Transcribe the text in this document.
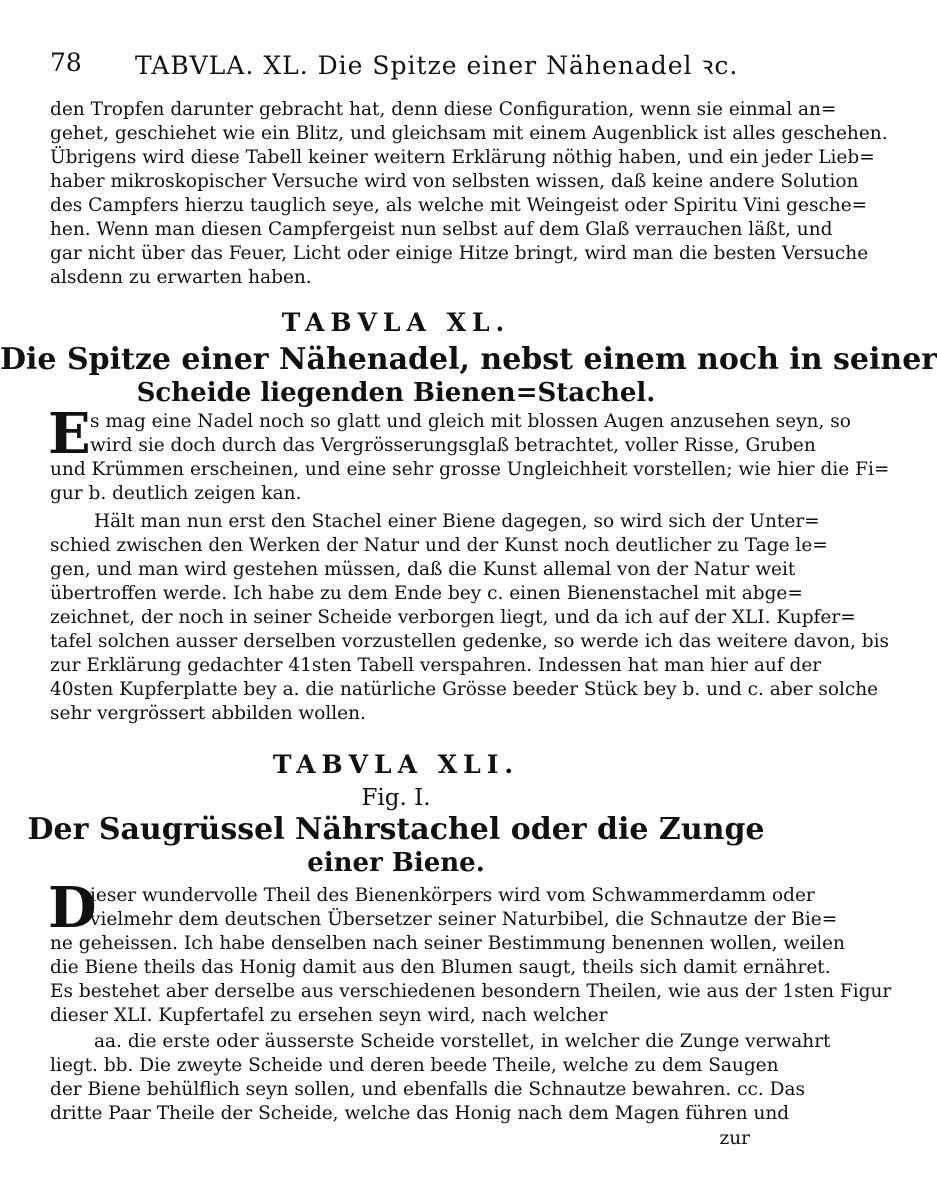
78 TABVLA. XL. Die Spitze einer Nähenadel ꝛc.
den Tropfen darunter gebracht hat, denn diese Configuration, wenn sie einmal an=
gehet, geschiehet wie ein Blitz, und gleichsam mit einem Augenblick ist alles geschehen.
Übrigens wird diese Tabell keiner weitern Erklärung nöthig haben, und ein jeder Lieb=
haber mikroskopischer Versuche wird von selbsten wissen, daß keine andere Solution
des Campfers hierzu tauglich seye, als welche mit Weingeist oder Spiritu Vini gesche=
hen. Wenn man diesen Campfergeist nun selbst auf dem Glaß verrauchen läßt, und
gar nicht über das Feuer, Licht oder einige Hitze bringt, wird man die besten Versuche
alsdenn zu erwarten haben.
TABVLA XL.
Die Spitze einer Nähenadel, nebst einem noch in seiner
Scheide liegenden Bienen=Stachel.
E s mag eine Nadel noch so glatt und gleich mit blossen Augen anzusehen seyn, so
wird sie doch durch das Vergrösserungsglaß betrachtet, voller Risse, Gruben
und Krümmen erscheinen, und eine sehr grosse Ungleichheit vorstellen; wie hier die Fi=
gur b. deutlich zeigen kan.
Hält man nun erst den Stachel einer Biene dagegen, so wird sich der Unter=
schied zwischen den Werken der Natur und der Kunst noch deutlicher zu Tage le=
gen, und man wird gestehen müssen, daß die Kunst allemal von der Natur weit
übertroffen werde. Ich habe zu dem Ende bey c. einen Bienenstachel mit abge=
zeichnet, der noch in seiner Scheide verborgen liegt, und da ich auf der XLI. Kupfer=
tafel solchen ausser derselben vorzustellen gedenke, so werde ich das weitere davon, bis
zur Erklärung gedachter 41sten Tabell verspahren. Indessen hat man hier auf der
40sten Kupferplatte bey a. die natürliche Grösse beeder Stück bey b. und c. aber solche
sehr vergrössert abbilden wollen.
TABVLA XLI.
Fig. I.
Der Saugrüssel Nährstachel oder die Zunge
einer Biene.
D
ieser wundervolle Theil des Bienenkörpers wird vom Schwammerdamm oder
vielmehr dem deutschen Übersetzer seiner Naturbibel, die Schnautze der Bie=
ne geheissen. Ich habe denselben nach seiner Bestimmung benennen wollen, weilen
die Biene theils das Honig damit aus den Blumen saugt, theils sich damit ernähret.
Es bestehet aber derselbe aus verschiedenen besondern Theilen, wie aus der 1sten Figur
dieser XLI. Kupfertafel zu ersehen seyn wird, nach welcher
aa. die erste oder äusserste Scheide vorstellet, in welcher die Zunge verwahrt
liegt. bb. Die zweyte Scheide und deren beede Theile, welche zu dem Saugen
der Biene behülflich seyn sollen, und ebenfalls die Schnautze bewahren. cc. Das
dritte Paar Theile der Scheide, welche das Honig nach dem Magen führen und
zur
